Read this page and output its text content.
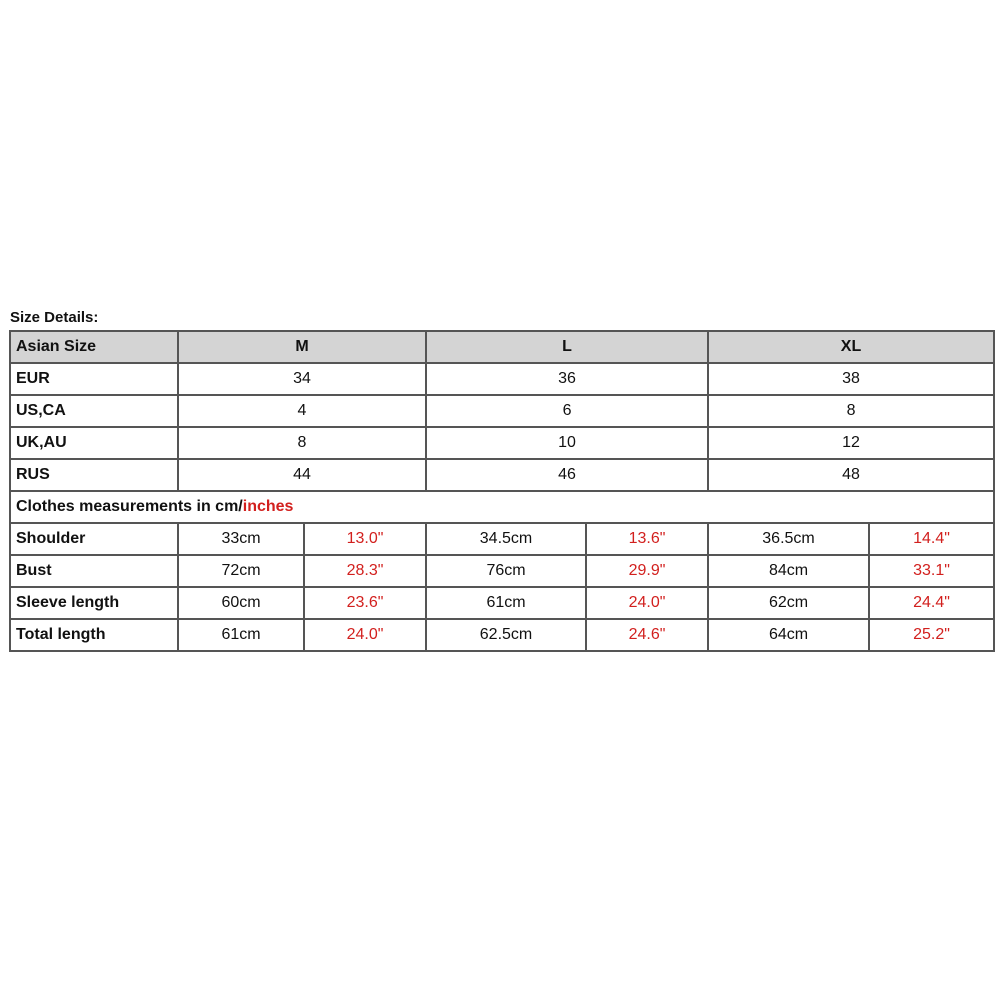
Size Details:
Asian Size	M		L		XL	
EUR	34		36		38	
US,CA	4		6		8	
UK,AU	8		10		12	
RUS	44		46		48	
Clothes measurements in cm/inches						
Shoulder	33cm	13.0"	34.5cm	13.6"	36.5cm	14.4"
Bust	72cm	28.3"	76cm	29.9"	84cm	33.1"
Sleeve length	60cm	23.6"	61cm	24.0"	62cm	24.4"
Total length	61cm	24.0"	62.5cm	24.6"	64cm	25.2"
